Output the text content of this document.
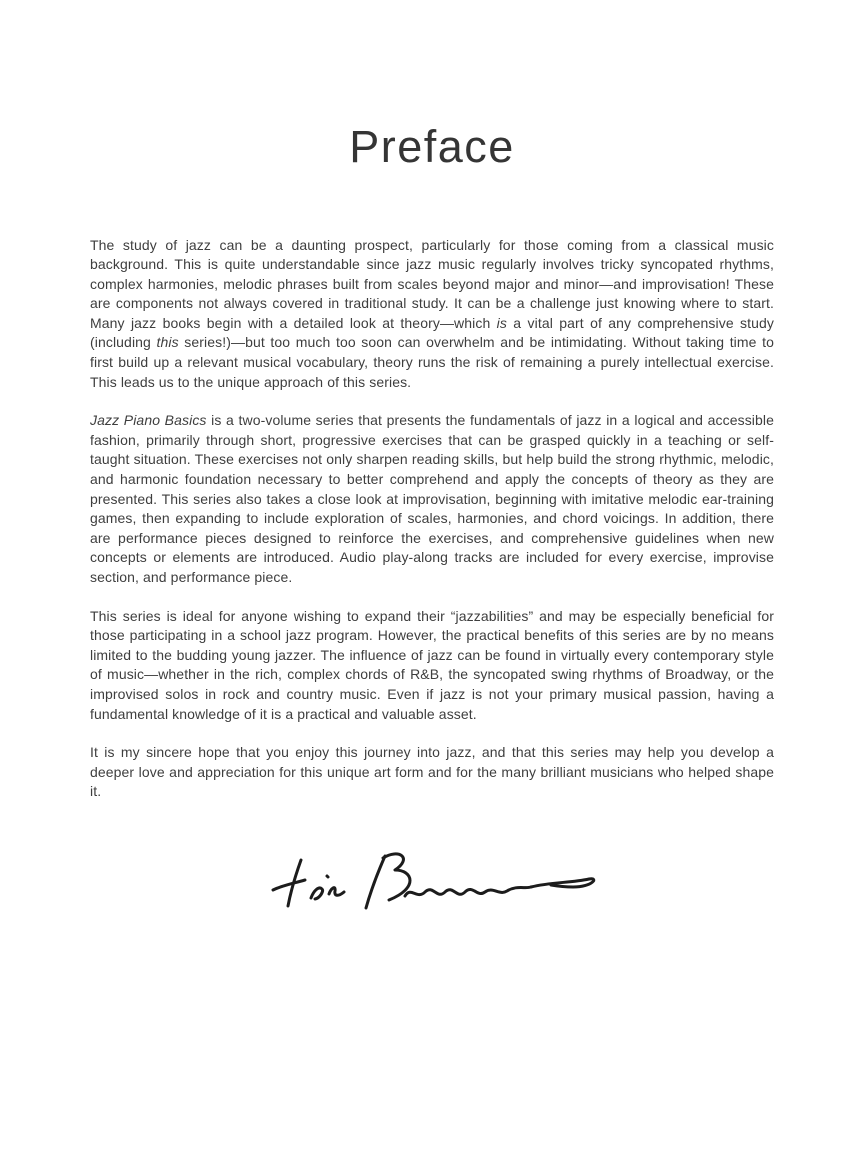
Preface

The study of jazz can be a daunting prospect, particularly for those coming from a classical music background. This is quite understandable since jazz music regularly involves tricky syncopated rhythms, complex harmonies, melodic phrases built from scales beyond major and minor—and improvisation! These are components not always covered in traditional study. It can be a challenge just knowing where to start. Many jazz books begin with a detailed look at theory—which is a vital part of any comprehensive study (including this series!)—but too much too soon can overwhelm and be intimidating. Without taking time to first build up a relevant musical vocabulary, theory runs the risk of remaining a purely intellectual exercise. This leads us to the unique approach of this series.

Jazz Piano Basics is a two-volume series that presents the fundamentals of jazz in a logical and accessible fashion, primarily through short, progressive exercises that can be grasped quickly in a teaching or self-taught situation. These exercises not only sharpen reading skills, but help build the strong rhythmic, melodic, and harmonic foundation necessary to better comprehend and apply the concepts of theory as they are presented. This series also takes a close look at improvisation, beginning with imitative melodic ear-training games, then expanding to include exploration of scales, harmonies, and chord voicings. In addition, there are performance pieces designed to reinforce the exercises, and comprehensive guidelines when new concepts or elements are introduced. Audio play-along tracks are included for every exercise, improvise section, and performance piece.

This series is ideal for anyone wishing to expand their “jazzabilities” and may be especially beneficial for those participating in a school jazz program. However, the practical benefits of this series are by no means limited to the budding young jazzer. The influence of jazz can be found in virtually every contemporary style of music—whether in the rich, complex chords of R&B, the syncopated swing rhythms of Broadway, or the improvised solos in rock and country music. Even if jazz is not your primary musical passion, having a fundamental knowledge of it is a practical and valuable asset.

It is my sincere hope that you enjoy this journey into jazz, and that this series may help you develop a deeper love and appreciation for this unique art form and for the many brilliant musicians who helped shape it.
